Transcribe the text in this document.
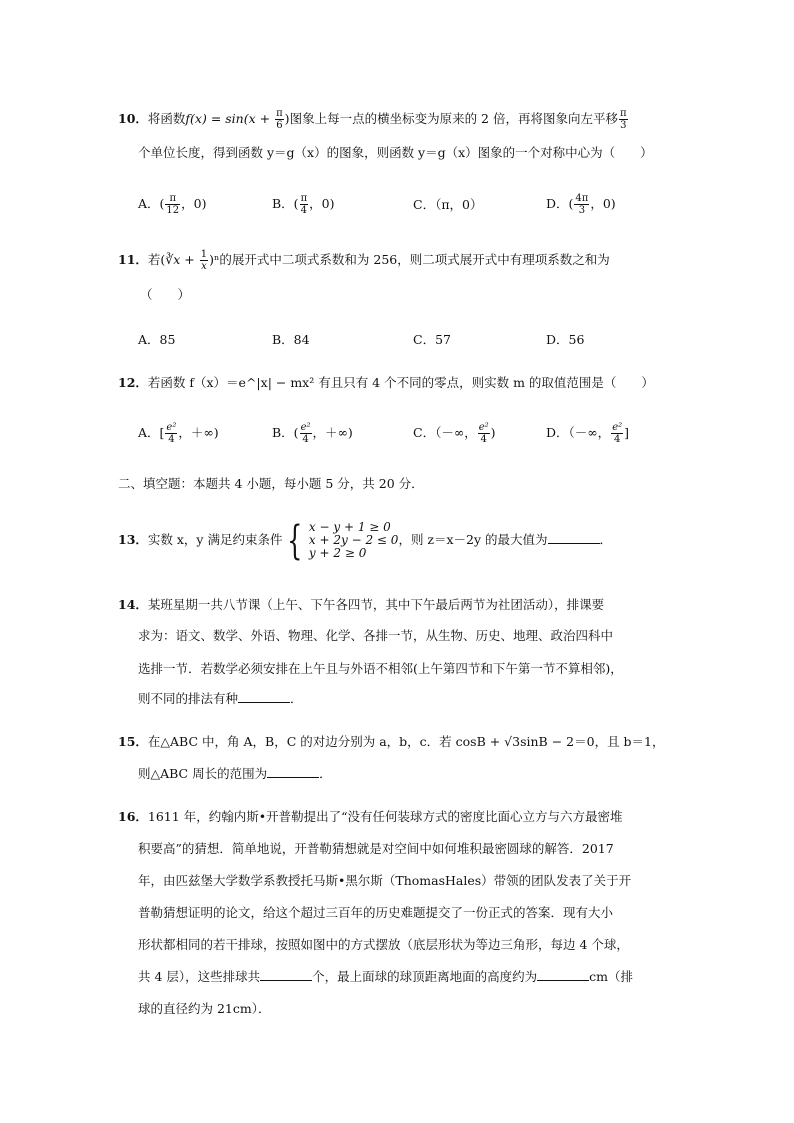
10．将函数$f(x) = \sin(x + \frac{\pi}{6}$ )图象上每一点的横坐标变为原来的 2 倍，再将图象向左平移 $\frac{\pi}{3}$
个单位长度，得到函数 y＝g（x）的图象，则函数 y＝g（x）图象的一个对称中心为（　　）
A．( $\frac{\pi}{12}$ ，0)	B．( $\frac{\pi}{4}$ ，0)	C．（π，0）	D．( $\frac{4\pi}{3}$ ，0)
11．若(∛x + $\frac{1}{x} )^n$的展开式中二项式系数和为 256，则二项式展开式中有理项系数之和为
（　　）
A．85	B．84	C．57	D．56
12．若函数 f（x）＝e^|x| − mx² 有且只有 4 个不同的零点，则实数 m 的取值范围是（　　）
A．[ $\frac{\text{e²}}{4}$ ，＋∞)	B．( $\frac{\text{e²}}{4}$ ，＋∞)	C．（－∞， $\frac{\text{e²}}{4}$ )	D．（－∞， $\frac{\text{e²}}{4}$ ]
二、填空题：本题共 4 小题，每小题 5 分，共 20 分．
13．实数 x，y 满足约束条件 { x − y + 1 ≥ 0
x + 2y − 2 ≤ 0
y + 2 ≥ 0
，则 z＝x－2y 的最大值为	．
14．某班星期一共八节课（上午、下午各四节，其中下午最后两节为社团活动），排课要
求为：语文、数学、外语、物理、化学、各排一节，从生物、历史、地理、政治四科中
选排一节．若数学必须安排在上午且与外语不相邻(上午第四节和下午第一节不算相邻)，
则不同的排法有种	．
15．在△ABC 中，角 A，B，C 的对边分别为 a，b，c．若 cosB + √3sinB − 2＝0，且 b＝1，
则△ABC 周长的范围为	．
16．1611 年，约翰内斯•开普勒提出了“没有任何装球方式的密度比面心立方与六方最密堆
积要高”的猜想．简单地说，开普勒猜想就是对空间中如何堆积最密圆球的解答．2017
年，由匹兹堡大学数学系教授托马斯•黑尔斯（ThomasHales）带领的团队发表了关于开
普勒猜想证明的论文，给这个超过三百年的历史难题提交了一份正式的答案．现有大小
形状都相同的若干排球，按照如图中的方式摆放（底层形状为等边三角形，每边 4 个球，
共 4 层），这些排球共	个，最上面球的球顶距离地面的高度约为	cm（排
球的直径约为 21cm）．
